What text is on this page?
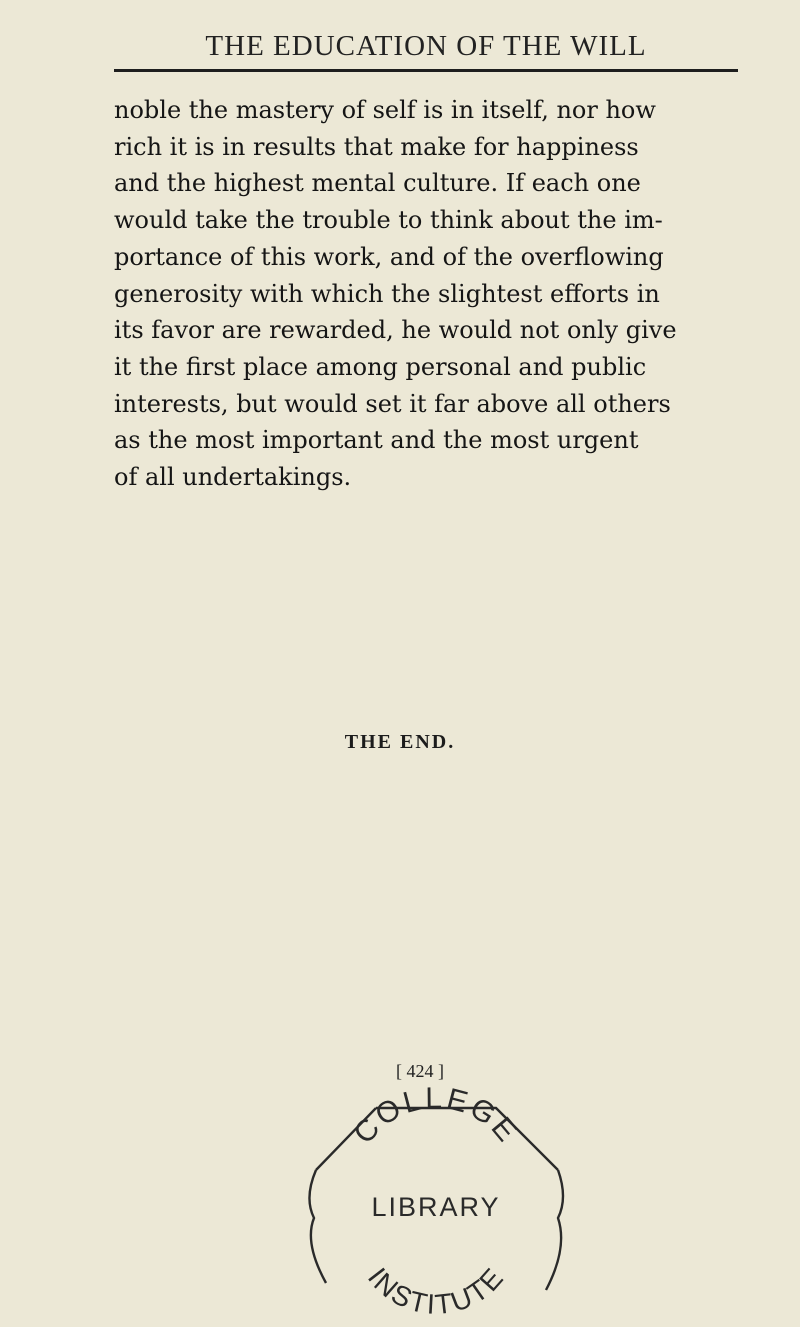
THE EDUCATION OF THE WILL
noble the mastery of self is in itself, nor how
rich it is in results that make for happiness
and the highest mental culture. If each one
would take the trouble to think about the im-
portance of this work, and of the overflowing
generosity with which the slightest efforts in
its favor are rewarded, he would not only give
it the first place among personal and public
interests, but would set it far above all others
as the most important and the most urgent
of all undertakings.
THE END.
[ 424 ]
COLLEGE
LIBRARY
INSTITUTE
